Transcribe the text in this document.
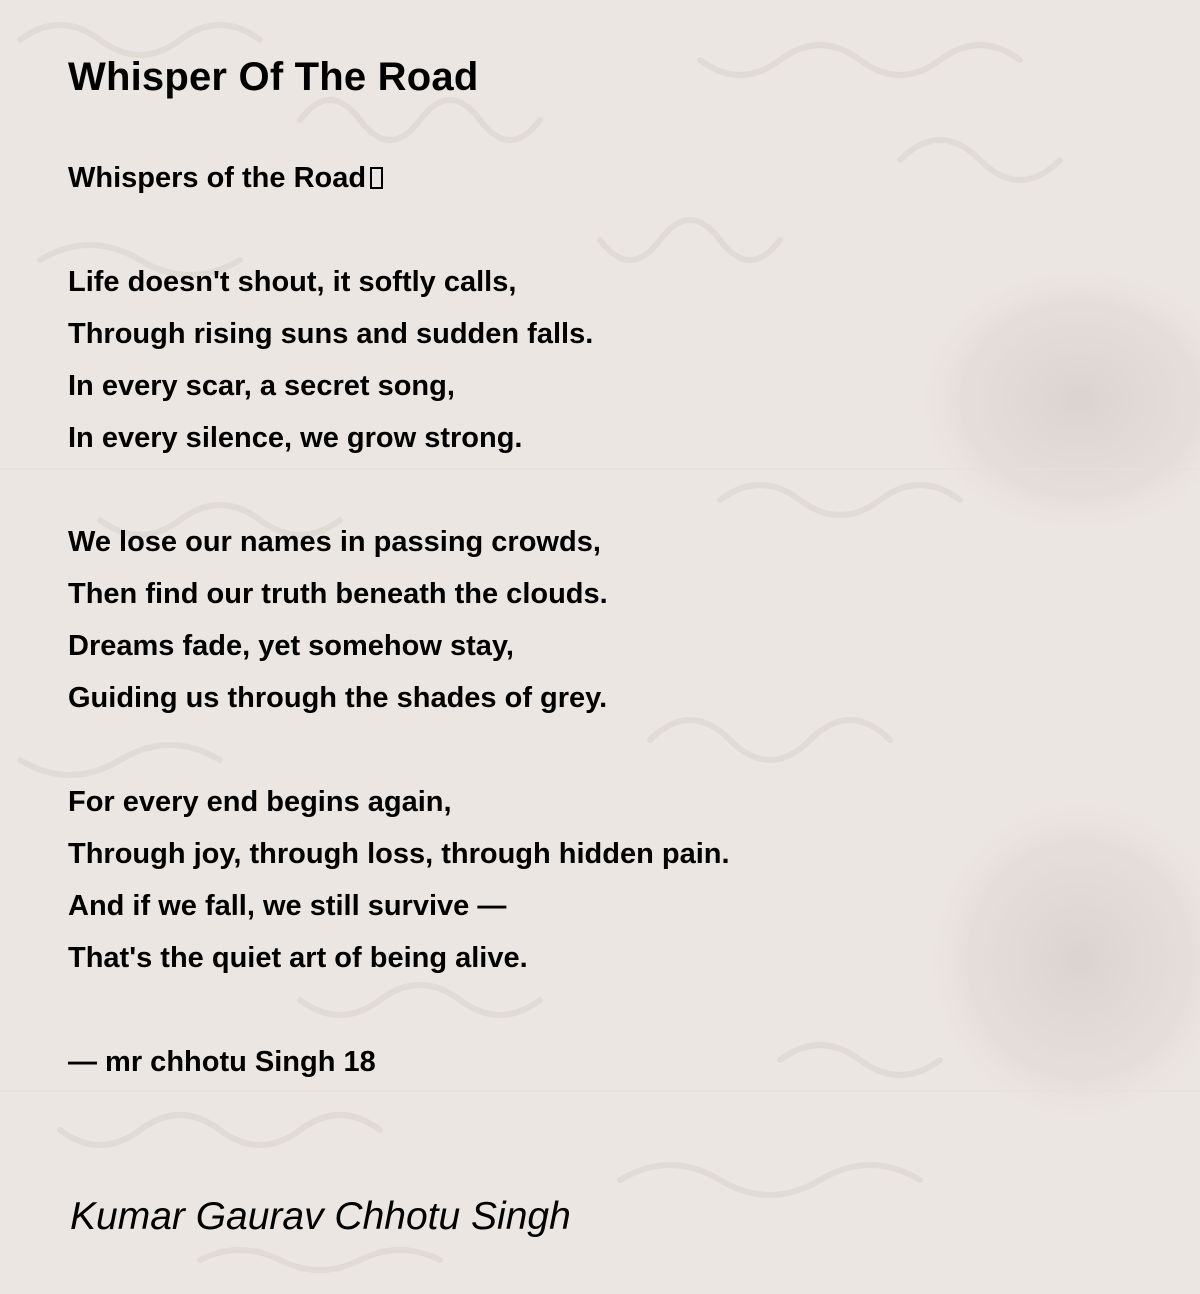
Whisper Of The Road
Whispers of the Road
Life doesn't shout, it softly calls,
Through rising suns and sudden falls.
In every scar, a secret song,
In every silence, we grow strong.
We lose our names in passing crowds,
Then find our truth beneath the clouds.
Dreams fade, yet somehow stay,
Guiding us through the shades of grey.
For every end begins again,
Through joy, through loss, through hidden pain.
And if we fall, we still survive —
That's the quiet art of being alive.
— mr chhotu Singh 18
Kumar Gaurav Chhotu Singh
